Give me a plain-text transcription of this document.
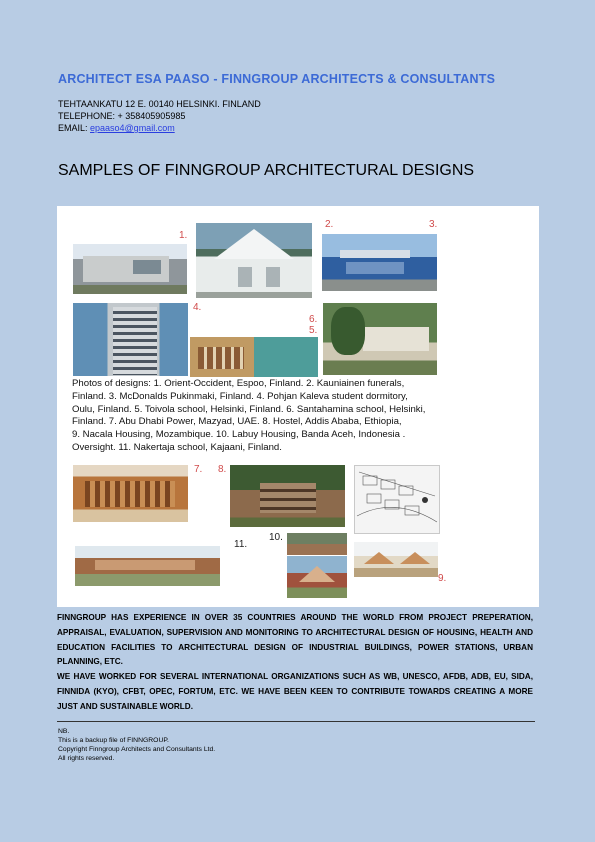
ARCHITECT ESA PAASO - FINNGROUP ARCHITECTS & CONSULTANTS
TEHTAANKATU 12 E. 00140 HELSINKI. FINLAND
TELEPHONE: + 358405905985
EMAIL: epaaso4@gmail.com
SAMPLES OF FINNGROUP ARCHITECTURAL DESIGNS
1.
2.	3.
4.
6.
5.
Photos of designs: 1. Orient-Occident, Espoo, Finland. 2. Kauniainen funerals,
Finland. 3. McDonalds Pukinmaki, Finland. 4. Pohjan Kaleva student dormitory,
Oulu, Finland. 5. Toivola school, Helsinki, Finland. 6. Santahamina school, Helsinki,
Finland. 7. Abu Dhabi Power, Mazyad, UAE. 8. Hostel, Addis Ababa, Ethiopia,
9. Nacala Housing, Mozambique. 10. Labuy Housing, Banda Aceh, Indonesia .
Oversight. 11. Nakertaja school, Kajaani, Finland.
7. 8.
11.
10.
9.
FINNGROUP HAS EXPERIENCE IN OVER 35 COUNTRIES AROUND THE WORLD FROM PROJECT PREPERATION, APPRAISAL, EVALUATION, SUPERVISION AND MONITORING TO ARCHITECTURAL DESIGN OF HOUSING, HEALTH AND EDUCATION FACILITIES TO ARCHITECTURAL DESIGN OF INDUSTRIAL BUILDINGS, POWER STATIONS, URBAN PLANNING, ETC.
WE HAVE WORKED FOR SEVERAL INTERNATIONAL ORGANIZATIONS SUCH AS WB, UNESCO, AFDB, ADB, EU, SIDA, FINNIDA (KYO), CFBT, OPEC, FORTUM, ETC. WE HAVE BEEN KEEN TO CONTRIBUTE TOWARDS CREATING A MORE JUST AND SUSTAINABLE WORLD.
NB.
This is a backup file of FINNGROUP.
Copyright Finngroup Architects and Consultants Ltd.
All rights reserved.
